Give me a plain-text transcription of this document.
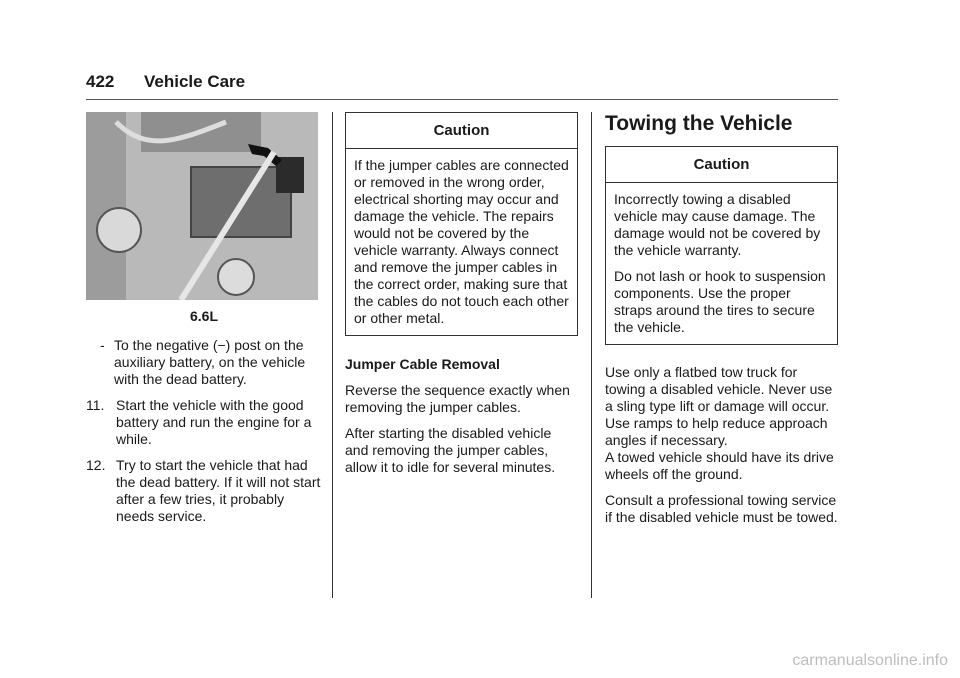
422 Vehicle Care
6.6L
- To the negative (−) post on the auxiliary battery, on the vehicle with the dead battery.
11. Start the vehicle with the good battery and run the engine for a while.
12. Try to start the vehicle that had the dead battery. If it will not start after a few tries, it probably needs service.
Caution

If the jumper cables are connected or removed in the wrong order, electrical shorting may occur and damage the vehicle. The repairs would not be covered by the vehicle warranty. Always connect and remove the jumper cables in the correct order, making sure that the cables do not touch each other or other metal.

Jumper Cable Removal

Reverse the sequence exactly when removing the jumper cables.

After starting the disabled vehicle and removing the jumper cables, allow it to idle for several minutes.

Towing the Vehicle
Caution

Incorrectly towing a disabled vehicle may cause damage. The damage would not be covered by the vehicle warranty.

Do not lash or hook to suspension components. Use the proper straps around the tires to secure the vehicle.

Use only a flatbed tow truck for towing a disabled vehicle. Never use a sling type lift or damage will occur. Use ramps to help reduce approach angles if necessary.

A towed vehicle should have its drive wheels off the ground.

Consult a professional towing service if the disabled vehicle must be towed.

carmanualsonline.info
